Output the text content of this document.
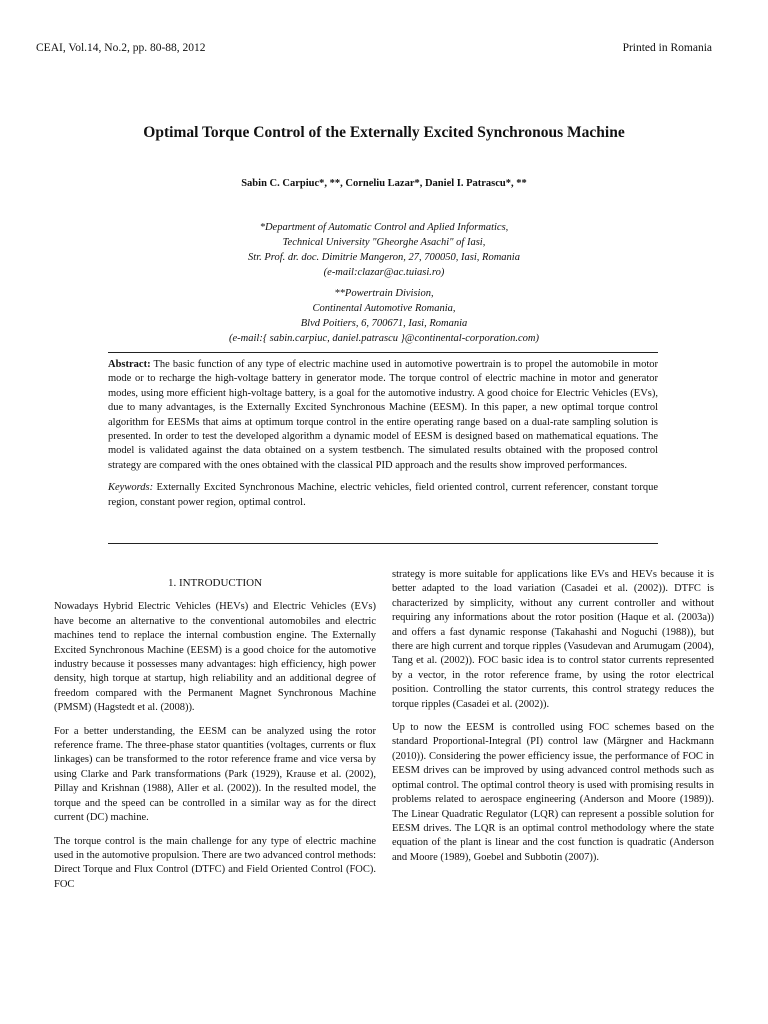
CEAI, Vol.14, No.2, pp. 80-88, 2012	Printed in Romania
Optimal Torque Control of the Externally Excited Synchronous Machine
Sabin C. Carpiuc*, **, Corneliu Lazar*, Daniel I. Patrascu*, **
*Department of Automatic Control and Aplied Informatics,
Technical University "Gheorghe Asachi" of Iasi,
Str. Prof. dr. doc. Dimitrie Mangeron, 27, 700050, Iasi, Romania
(e-mail:clazar@ac.tuiasi.ro)
**Powertrain Division,
Continental Automotive Romania,
Blvd Poitiers, 6, 700671, Iasi, Romania
(e-mail:{ sabin.carpiuc, daniel.patrascu }@continental-corporation.com)

Abstract: The basic function of any type of electric machine used in automotive powertrain is to propel the automobile in motor mode or to recharge the high-voltage battery in generator mode. The torque control of electric machine in motor and generator modes, using more efficient high-voltage battery, is a goal for the automotive industry. A good choice for Electric Vehicles (EVs), due to many advantages, is the Externally Excited Synchronous Machine (EESM). In this paper, a new optimal torque control algorithm for EESMs that aims at optimum torque control in the entire operating range based on a dual-rate sampling solution is presented. In order to test the developed algorithm a dynamic model of EESM is designed based on mathematical equations. The model is validated against the data obtained on a system testbench. The simulated results obtained with the proposed control strategy are compared with the ones obtained with the classical PID approach and the results show improved performances.

Keywords: Externally Excited Synchronous Machine, electric vehicles, field oriented control, current referencer, constant torque region, constant power region, optimal control.

1. INTRODUCTION

Nowadays Hybrid Electric Vehicles (HEVs) and Electric Vehicles (EVs) have become an alternative to the conventional automobiles and electric machines tend to replace the internal combustion engine. The Externally Excited Synchronous Machine (EESM) is a good choice for the automotive industry because it possesses many advantages: high efficiency, high power density, high torque at startup, high reliability and an additional degree of freedom compared with the Permanent Magnet Synchronous Machine (PMSM) (Hagstedt et al. (2008)).

For a better understanding, the EESM can be analyzed using the rotor reference frame. The three-phase stator quantities (voltages, currents or flux linkages) can be transformed to the rotor reference frame and vice versa by using Clarke and Park transformations (Park (1929), Krause et al. (2002), Pillay and Krishnan (1988), Aller et al. (2002)). In the resulted model, the torque and the speed can be controlled in a similar way as for the direct current (DC) machine.

The torque control is the main challenge for any type of electric machine used in the automotive propulsion. There are two advanced control methods: Direct Torque and Flux Control (DTFC) and Field Oriented Control (FOC). FOC

strategy is more suitable for applications like EVs and HEVs because it is better adapted to the load variation (Casadei et al. (2002)). DTFC is characterized by simplicity, without any current controller and without requiring any informations about the rotor position (Haque et al. (2003a)) and offers a fast dynamic response (Takahashi and Noguchi (1988)), but there are high current and torque ripples (Vasudevan and Arumugam (2004), Tang et al. (2002)). FOC basic idea is to control stator currents represented by a vector, in the rotor reference frame, by using the rotor electrical position. Controlling the stator currents, this control strategy reduces the torque ripples (Casadei et al. (2002)).

Up to now the EESM is controlled using FOC schemes based on the standard Proportional-Integral (PI) control law (Märgner and Hackmann (2010)). Considering the power efficiency issue, the performance of FOC in EESM drives can be improved by using advanced control methods such as optimal control. The optimal control theory is used with promising results in problems related to aerospace engineering (Anderson and Moore (1989)). The Linear Quadratic Regulator (LQR) can represent a possible solution for EESM drives. The LQR is an optimal control methodology where the state equation of the plant is linear and the cost function is quadratic (Anderson and Moore (1989), Goebel and Subbotin (2007)).
